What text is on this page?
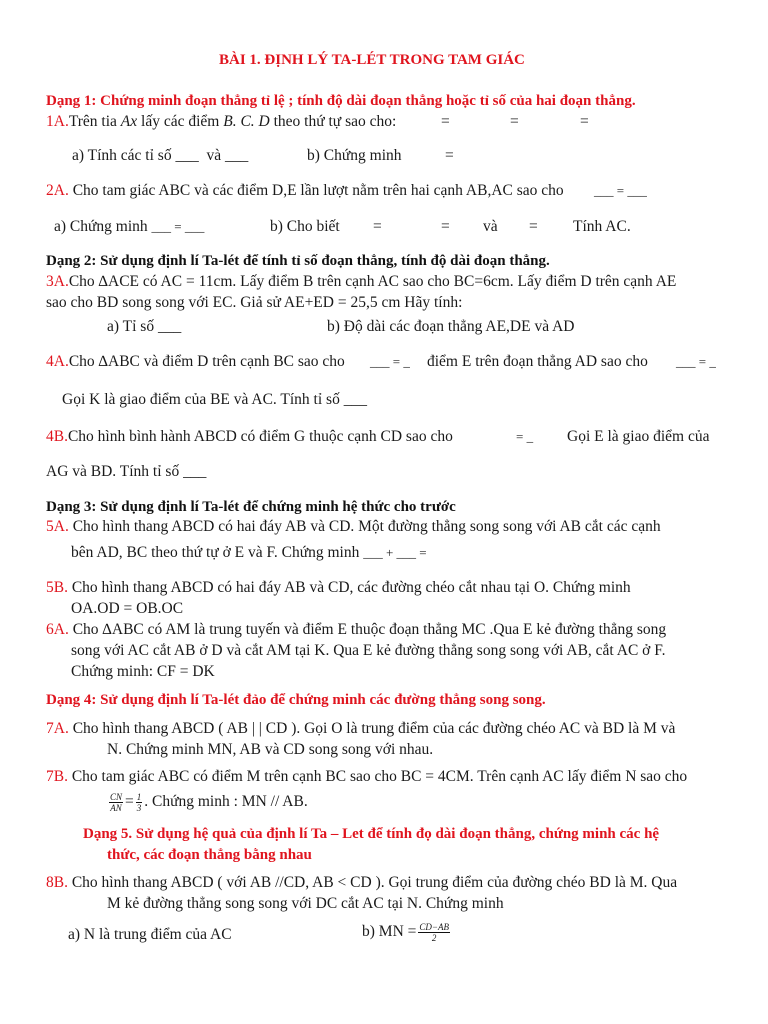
BÀI 1. ĐỊNH LÝ TA-LÉT TRONG TAM GIÁC
Dạng 1: Chứng minh đoạn thẳng tỉ lệ ; tính độ dài đoạn thẳng hoặc tỉ số của hai đoạn thẳng.
1A.Trên tia Ax lấy các điểm B. C. D theo thứ tự sao cho:	=	=	=
a) Tính các tỉ số ___ và ___	b) Chứng minh	=
2A. Cho tam giác ABC và các điểm D,E lần lượt nằm trên hai cạnh AB,AC sao cho ___ = ___
a) Chứng minh ___ = ___	b) Cho biết =	= và = Tính AC.
Dạng 2: Sử dụng định lí Ta-lét để tính tỉ số đoạn thẳng, tính độ dài đoạn thẳng.
3A.Cho ∆ACE có AC = 11cm. Lấy điểm B trên cạnh AC sao cho BC=6cm. Lấy điểm D trên cạnh AE
sao cho BD song song với EC. Giả sử AE+ED = 25,5 cm Hãy tính:
a) Tỉ số ___	b) Độ dài các đoạn thẳng AE,DE và AD
4A.Cho ∆ABC và điểm D trên cạnh BC sao cho ___ = _ điểm E trên đoạn thẳng AD sao cho ___ = _
Gọi K là giao điểm của BE và AC. Tính tỉ số ___
4B.Cho hình bình hành ABCD có điểm G thuộc cạnh CD sao cho	= _ Gọi E là giao điểm của
AG và BD. Tính tỉ số ___
Dạng 3: Sử dụng định lí Ta-lét để chứng minh hệ thức cho trước
5A. Cho hình thang ABCD có hai đáy AB và CD. Một đường thẳng song song với AB cắt các cạnh
bên AD, BC theo thứ tự ở E và F. Chứng minh ___ + ___ =
5B. Cho hình thang ABCD có hai đáy AB và CD, các đường chéo cắt nhau tại O. Chứng minh
OA.OD = OB.OC
6A. Cho ∆ABC có AM là trung tuyến và điểm E thuộc đoạn thẳng MC .Qua E kẻ đường thẳng song
song với AC cắt AB ở D và cắt AM tại K. Qua E kẻ đường thẳng song song với AB, cắt AC ở F.
Chứng minh: CF = DK
Dạng 4: Sử dụng định lí Ta-lét đảo để chứng minh các đường thẳng song song.
7A. Cho hình thang ABCD ( AB | | CD ). Gọi O là trung điểm của các đường chéo AC và BD là M và
N. Chứng minh MN, AB và CD song song với nhau.
7B. Cho tam giác ABC có điểm M trên cạnh BC sao cho BC = 4CM. Trên cạnh AC lấy điểm N sao cho
$\frac{CN}{AN} = \frac{1}{3}$ . Chứng minh : MN // AB.
Dạng 5. Sử dụng hệ quả của định lí Ta – Let để tính đọ dài đoạn thẳng, chứng minh các hệ
thức, các đoạn thẳng bằng nhau
8B. Cho hình thang ABCD ( với AB //CD, AB < CD ). Gọi trung điểm của đường chéo BD là M. Qua
M kẻ đường thẳng song song với DC cắt AC tại N. Chứng minh
a) N là trung điểm của AC	b) MN = $\frac{CD-AB}{2}$
